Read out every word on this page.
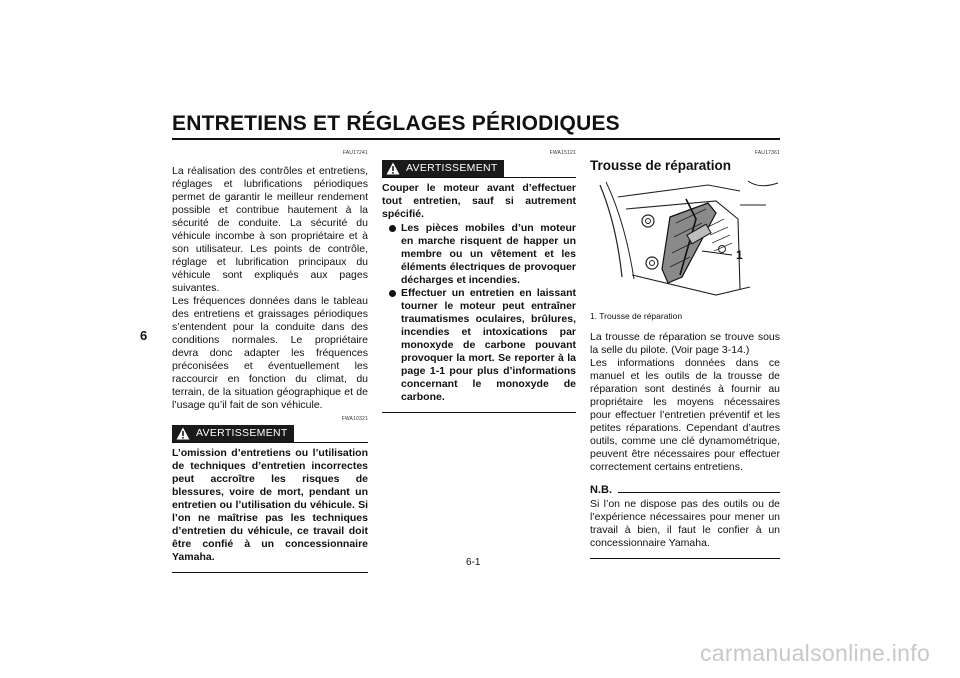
ENTRETIENS ET RÉGLAGES PÉRIODIQUES
6
FAU17241

La réalisation des contrôles et entretiens, réglages et lubrifications périodiques permet de garantir le meilleur rendement possible et contribue hautement à la sécurité de conduite. La sécurité du véhicule incombe à son propriétaire et à son utilisateur. Les points de contrôle, réglage et lubrification principaux du véhicule sont expliqués aux pages suivantes.

Les fréquences données dans le tableau des entretiens et graissages périodiques s’entendent pour la conduite dans des conditions normales. Le propriétaire devra donc adapter les fréquences préconisées et éventuellement les raccourcir en fonction du climat, du terrain, de la situation géographique et de l’usage qu’il fait de son véhicule.

FWA10321
AVERTISSEMENT
L’omission d’entretiens ou l’utilisation de techniques d’entretien incorrectes peut accroître les risques de blessures, voire de mort, pendant un entretien ou l’utilisation du véhicule. Si l’on ne maîtrise pas les techniques d’entretien du véhicule, ce travail doit être confié à un concessionnaire Yamaha.
FWA15121
AVERTISSEMENT
Couper le moteur avant d’effectuer tout entretien, sauf si autrement spécifié.
Les pièces mobiles d’un moteur en marche risquent de happer un membre ou un vêtement et les éléments électriques de provoquer décharges et incendies.
Effectuer un entretien en laissant tourner le moteur peut entraîner traumatismes oculaires, brûlures, incendies et intoxications par monoxyde de carbone pouvant provoquer la mort. Se reporter à la page 1-1 pour plus d’informations concernant le monoxyde de carbone.
FAU17361
Trousse de réparation
1
1. Trousse de réparation

La trousse de réparation se trouve sous la selle du pilote. (Voir page 3-14.)

Les informations données dans ce manuel et les outils de la trousse de réparation sont destinés à fournir au propriétaire les moyens nécessaires pour effectuer l’entretien préventif et les petites réparations. Cependant d’autres outils, comme une clé dynamométrique, peuvent être nécessaires pour effectuer correctement certains entretiens.

N.B.
Si l’on ne dispose pas des outils ou de l’expérience nécessaires pour mener un travail à bien, il faut le confier à un concessionnaire Yamaha.
6-1
carmanualsonline.info
